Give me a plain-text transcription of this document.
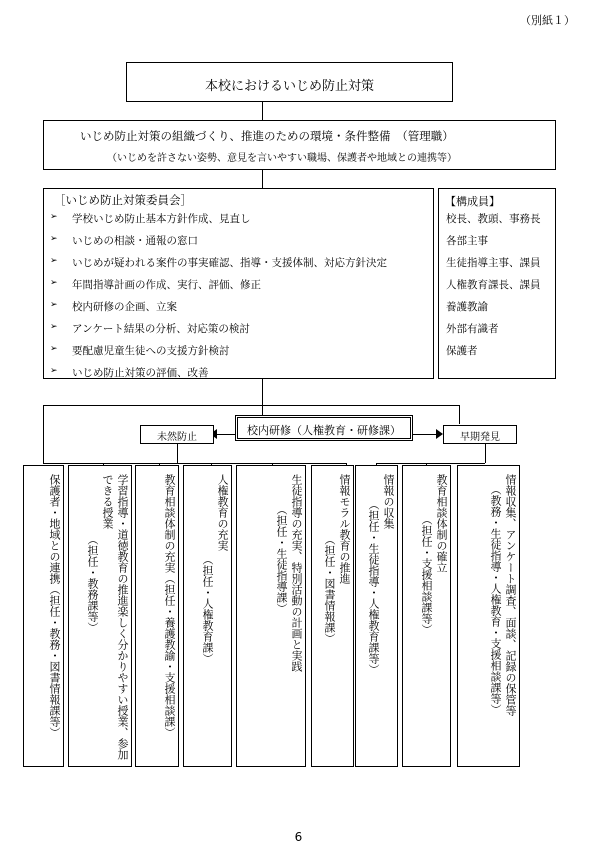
（別紙１）
本校におけるいじめ防止対策
いじめ防止対策の組織づくり、推進のための環境・条件整備　（管理職）
（いじめを許さない姿勢、意見を言いやすい職場、保護者や地域との連携等）
［いじめ防止対策委員会］
➢ 学校いじめ防止基本方針作成、見直し
➢ いじめの相談・通報の窓口
➢ いじめが疑われる案件の事実確認、指導・支援体制、対応方針決定
➢ 年間指導計画の作成、実行、評価、修正
➢ 校内研修の企画、立案
➢ アンケート結果の分析、対応策の検討
➢ 要配慮児童生徒への支援方針検討
➢ いじめ防止対策の評価、改善
【構成員】
校長、教頭、事務長
各部主事
生徒指導主事、課員
人権教育課長、課員
養護教諭
外部有識者
保護者
校内研修（人権教育・研修課）
未然防止	早期発見
保護者・地域との連携（担任・教務・図書情報課等）	学習指導・道徳教育の推進楽しく分かりやすい授業、参加できる授業
（担任・教務課等）	教育相談体制の充実（担任・養護教諭・支援相談課）	人権教育の充実
（担任・人権教育課）	生徒指導の充実、特別活動の計画と実践
（担任・生徒指導課）	情報モラル教育の推進
（担任・図書情報課）
情報の収集
（担任・生徒指導・人権教育課等）	教育相談体制の確立
（担任・支援相談課等）	情報収集、アンケート調査、面談、記録の保管等
（教務・生徒指導・人権教育・支援相談課等）
6
